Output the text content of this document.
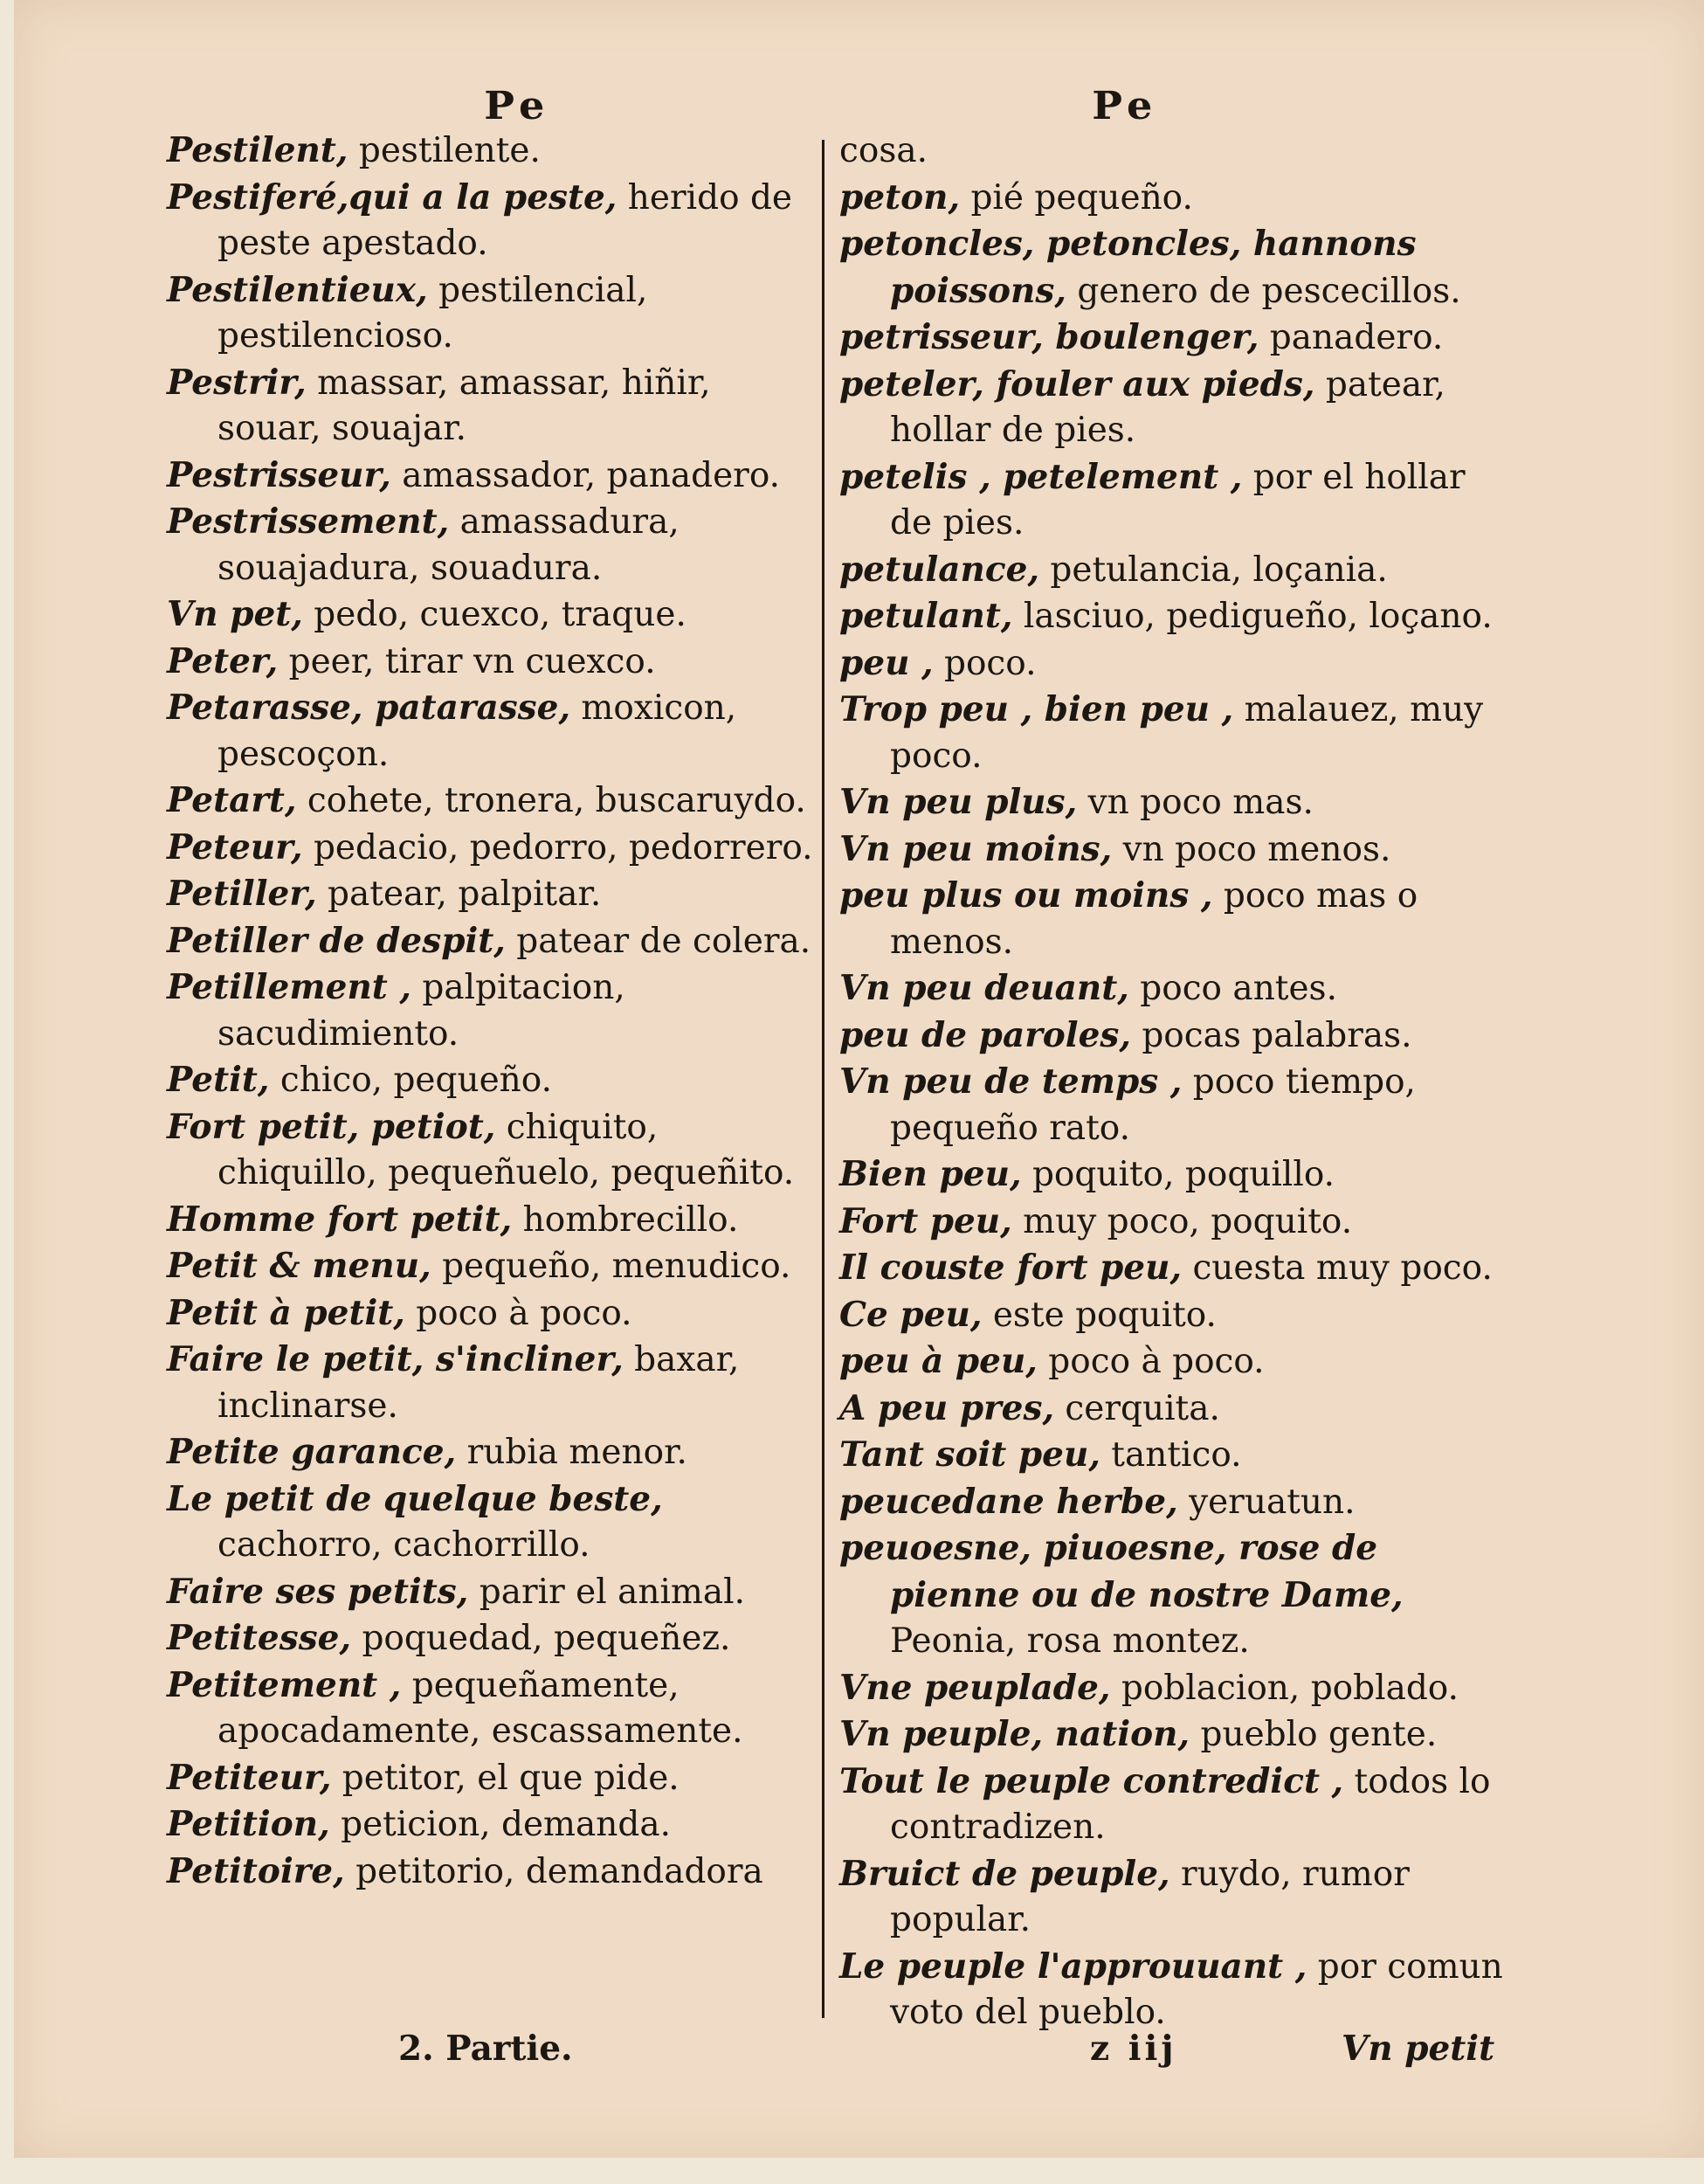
Pe	Pe

Pestilent, pestilente.

Pestiferé,qui a la peste, herido de peste apestado.

Pestilentieux, pestilencial, pestilencioso.

Pestrir, massar, amassar, hiñir, souar, souajar.

Pestrisseur, amassador, panadero.

Pestrissement, amassadura, souajadura, souadura.

Vn pet, pedo, cuexco, traque.

Peter, peer, tirar vn cuexco.

Petarasse, patarasse, moxicon, pescoçon.

Petart, cohete, tronera, buscaruydo.

Peteur, pedacio, pedorro, pedorrero.

Petiller, patear, palpitar.

Petiller de despit, patear de colera.

Petillement , palpitacion, sacudimiento.

Petit, chico, pequeño.

Fort petit, petiot, chiquito, chiquillo, pequeñuelo, pequeñito.

Homme fort petit, hombrecillo.

Petit & menu, pequeño, menudico.

Petit à petit, poco à poco.

Faire le petit, s'incliner, baxar, inclinarse.

Petite garance, rubia menor.

Le petit de quelque beste, cachorro, cachorrillo.

Faire ses petits, parir el animal.

Petitesse, poquedad, pequeñez.

Petitement , pequeñamente, apocadamente, escassamente.

Petiteur, petitor, el que pide.

Petition, peticion, demanda.

Petitoire, petitorio, demandadora

cosa.

peton, pié pequeño.

petoncles, petoncles, hannons poissons, genero de pescecillos.

petrisseur, boulenger, panadero.

peteler, fouler aux pieds, patear, hollar de pies.

petelis , petelement , por el hollar de pies.

petulance, petulancia, loçania.

petulant, lasciuo, pediguеño, loçano.

peu , poco.

Trop peu , bien peu , malauez, muy poco.

Vn peu plus, vn poco mas.

Vn peu moins, vn poco menos.

peu plus ou moins , poco mas o menos.

Vn peu deuant, poco antes.

peu de paroles, pocas palabras.

Vn peu de temps , poco tiempo, pequeño rato.

Bien peu, poquito, poquillo.

Fort peu, muy poco, poquito.

Il couste fort peu, cuesta muy poco.

Ce peu, este poquito.

peu à peu, poco à poco.

A peu pres, cerquita.

Tant soit peu, tantico.

peucedane herbe, yeruatun.

peuoesne, piuoesne, rose de pienne ou de nostre Dame, Peonia, rosa montez.

Vne peuplade, poblacion, poblado.

Vn peuple, nation, pueblo gente.

Tout le peuple contredict , todos lo contradizen.

Bruict de peuple, ruydo, rumor popular.

Le peuple l'approuuant , por comun voto del pueblo.

2. Partie.	z iij	Vn petit
